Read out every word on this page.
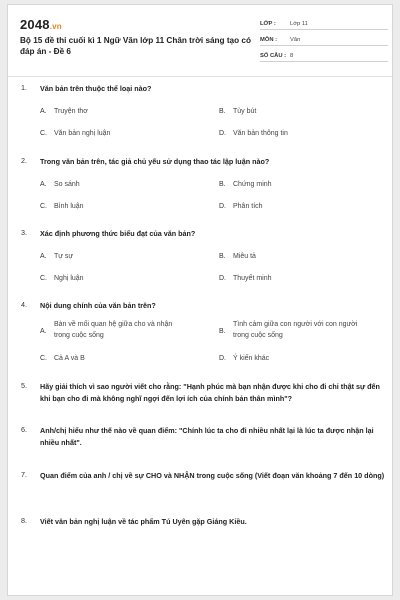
2048.vn
Bộ 15 đề thi cuối kì 1 Ngữ Văn lớp 11 Chân trời sáng tạo có đáp án - Đề 6
LỚP :	Lớp 11
MÔN :	Văn
SỐ CÂU : 8
1. Văn bản trên thuộc thể loại nào?
A. Truyện thơ	B. Tùy bút
C. Văn bản nghị luận	D. Văn bản thông tin
2. Trong văn bản trên, tác giả chủ yếu sử dụng thao tác lập luận nào?
A. So sánh	B. Chứng minh
C. Bình luận	D. Phân tích
3. Xác định phương thức biểu đạt của văn bản?
A. Tự sự	B. Miêu tả
C. Nghị luận	D. Thuyết minh
4. Nội dung chính của văn bản trên?
A.
Bàn về mối quan hệ giữa cho và nhận trong cuộc sống
B.
Tình cảm giữa con người với con người trong cuộc sống
C. Cả A và B	D. Ý kiến khác
5. Hãy giải thích vì sao người viết cho rằng: "Hạnh phúc mà bạn nhận được khi cho đi chỉ thật sự đến khi bạn cho đi mà không nghĩ ngợi đến lợi ích của chính bản thân mình"?
6. Anh/chị hiểu như thế nào về quan điểm: "Chính lúc ta cho đi nhiều nhất lại là lúc ta được nhận lại nhiều nhất".
7. Quan điểm của anh / chị về sự CHO và NHẬN trong cuộc sống (Viết đoạn văn khoảng 7 đến 10 dòng)
8. Viết văn bản nghị luận về tác phẩm Tú Uyên gặp Giáng Kiều.
